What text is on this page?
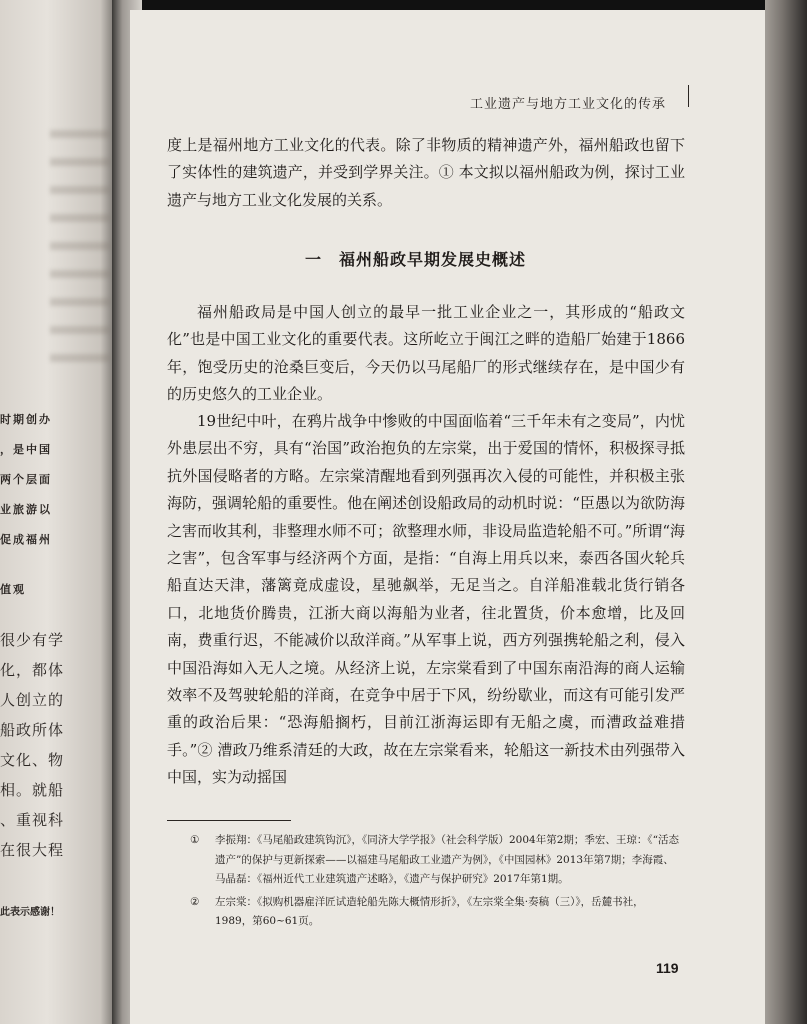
时期创办
，是中国
两个层面
业旅游以
促成福州
值观
很少有学
化，都体
人创立的
船政所体
文化、物
相。就船
、重视科
在很大程
此表示感谢！
工业遗产与地方工业文化的传承

度上是福州地方工业文化的代表。除了非物质的精神遗产外，福州船政也留下了实体性的建筑遗产，并受到学界关注。① 本文拟以福州船政为例，探讨工业遗产与地方工业文化发展的关系。

一　福州船政早期发展史概述

福州船政局是中国人创立的最早一批工业企业之一，其形成的“船政文化”也是中国工业文化的重要代表。这所屹立于闽江之畔的造船厂始建于1866年，饱受历史的沧桑巨变后，今天仍以马尾船厂的形式继续存在，是中国少有的历史悠久的工业企业。

19世纪中叶，在鸦片战争中惨败的中国面临着“三千年未有之变局”，内忧外患层出不穷，具有“治国”政治抱负的左宗棠，出于爱国的情怀，积极探寻抵抗外国侵略者的方略。左宗棠清醒地看到列强再次入侵的可能性，并积极主张海防，强调轮船的重要性。他在阐述创设船政局的动机时说：“臣愚以为欲防海之害而收其利，非整理水师不可；欲整理水师，非设局监造轮船不可。”所谓“海之害”，包含军事与经济两个方面，是指：“自海上用兵以来，泰西各国火轮兵船直达天津，藩篱竟成虚设，星驰飙举，无足当之。自洋船准载北货行销各口，北地货价腾贵，江浙大商以海船为业者，往北置货，价本愈增，比及回南，费重行迟，不能减价以敌洋商。”从军事上说，西方列强携轮船之利，侵入中国沿海如入无人之境。从经济上说，左宗棠看到了中国东南沿海的商人运输效率不及驾驶轮船的洋商，在竞争中居于下风，纷纷歇业，而这有可能引发严重的政治后果：“恐海船搁朽，目前江浙海运即有无船之虞，而漕政益难措手。”② 漕政乃维系清廷的大政，故在左宗棠看来，轮船这一新技术由列强带入中国，实为动摇国

① 李振翔：《马尾船政建筑钩沉》，《同济大学学报》（社会科学版）2004年第2期；季宏、王琼：《“活态遗产”的保护与更新探索——以福建马尾船政工业遗产为例》，《中国园林》2013年第7期；李海霞、马晶磊：《福州近代工业建筑遗产述略》，《遗产与保护研究》2017年第1期。
② 左宗棠：《拟购机器雇洋匠试造轮船先陈大概情形折》，《左宗棠全集·奏稿（三）》，岳麓书社，1989，第60~61页。
119
